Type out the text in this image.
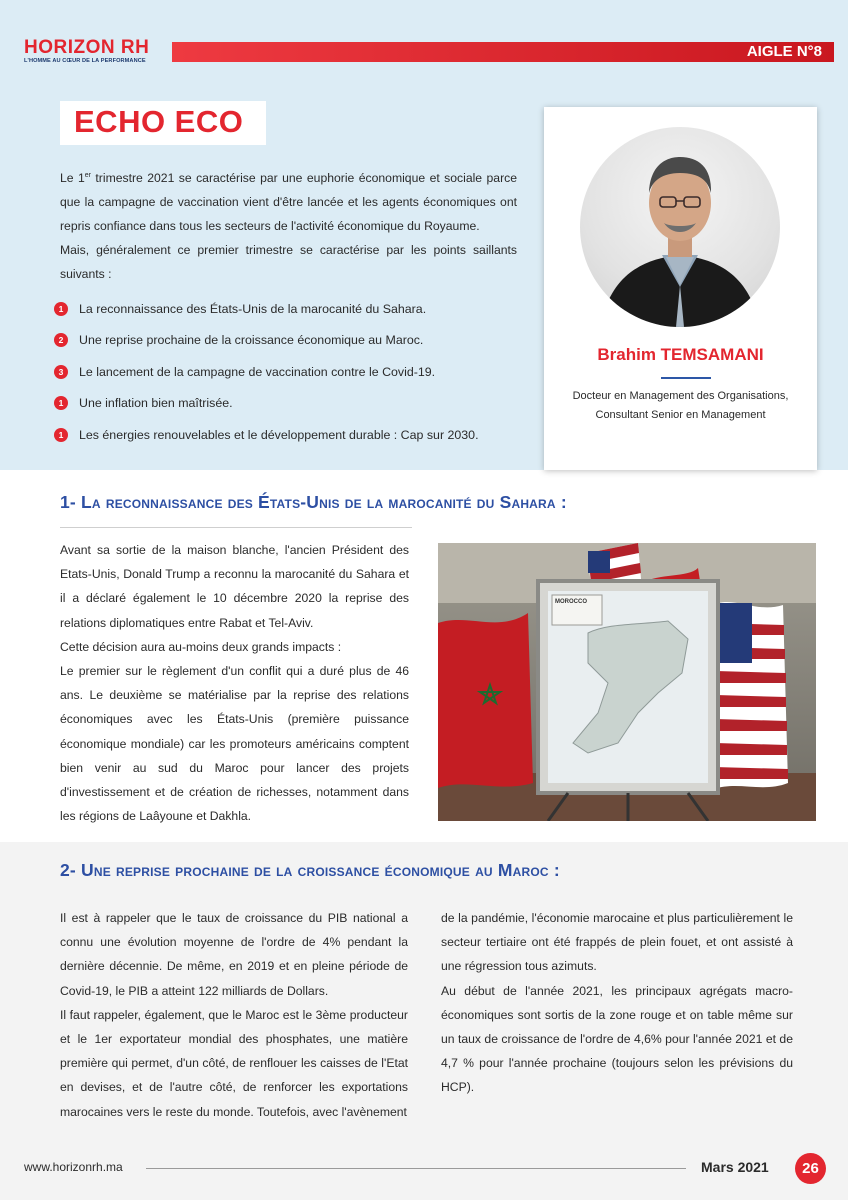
HORIZON RH
L'HOMME AU CŒUR DE LA PERFORMANCE
AIGLE N°8
ECHO ECO

Le 1er trimestre 2021 se caractérise par une euphorie économique et sociale parce que la campagne de vaccination vient d'être lancée et les agents économiques ont repris confiance dans tous les secteurs de l'activité économique du Royaume.

Mais, généralement ce premier trimestre se caractérise par les points saillants suivants :

1	La reconnaissance des États-Unis de la marocanité du Sahara.
2	Une reprise prochaine de la croissance économique au Maroc.
3	Le lancement de la campagne de vaccination contre le Covid-19.
1	Une inflation bien maîtrisée.
1	Les énergies renouvelables et le développement durable : Cap sur 2030.
Brahim TEMSAMANI
Docteur en Management des Organisations,
Consultant Senior en Management
1- La reconnaissance des États-Unis de la marocanité du Sahara :

Avant sa sortie de la maison blanche, l'ancien Président des Etats-Unis, Donald Trump a reconnu la marocanité du Sahara et il a déclaré également le 10 décembre 2020 la reprise des relations diplomatiques entre Rabat et Tel-Aviv.

Cette décision aura au-moins deux grands impacts :

Le premier sur le règlement d'un conflit qui a duré plus de 46 ans. Le deuxième se matérialise par la reprise des relations économiques avec les États-Unis (première puissance économique mondiale) car les promoteurs américains comptent bien venir au sud du Maroc pour lancer des projets d'investissement et de création de richesses, notamment dans les régions de Laâyoune et Dakhla.

MOROCCO
2- Une reprise prochaine de la croissance économique au Maroc :

Il est à rappeler que le taux de croissance du PIB national a connu une évolution moyenne de l'ordre de 4% pendant la dernière décennie. De même, en 2019 et en pleine période de Covid-19, le PIB a atteint 122 milliards de Dollars.

Il faut rappeler, également, que le Maroc est le 3ème producteur et le 1er exportateur mondial des phosphates, une matière première qui permet, d'un côté, de renflouer les caisses de l'Etat en devises, et de l'autre côté, de renforcer les exportations marocaines vers le reste du monde. Toutefois, avec l'avènement

de la pandémie, l'économie marocaine et plus particulièrement le secteur tertiaire ont été frappés de plein fouet, et ont assisté à une régression tous azimuts.

Au début de l'année 2021, les principaux agrégats macro-économiques sont sortis de la zone rouge et on table même sur un taux de croissance de l'ordre de 4,6% pour l'année 2021 et de 4,7 % pour l'année prochaine (toujours selon les prévisions du HCP).

www.horizonrh.ma	Mars 2021	26
